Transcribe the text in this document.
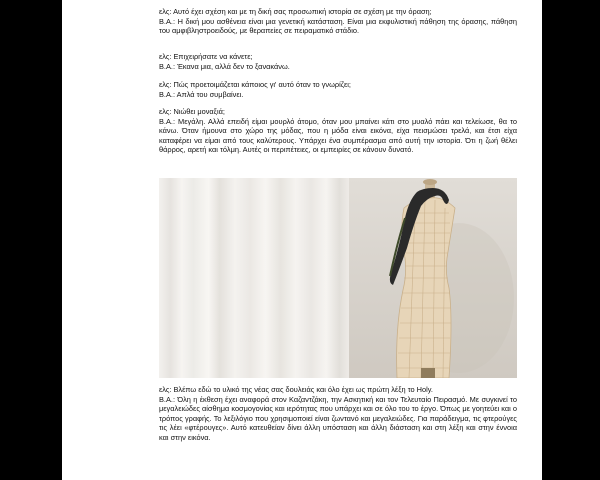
ελς: Αυτό έχει σχέση και με τη δική σας προσωπική ιστορία σε σχέση με την όραση;
Β.Α.: Η δική μου ασθένεια είναι μια γενετική κατάσταση. Είναι μια εκφυλιστική πάθηση της όρασης, πάθηση του αμφιβληστροειδούς, με θεραπείες σε πειραματικό στάδιο.

ελς: Επιχειρήσατε να κάνετε;
Β.Α.: Έκανα μια, αλλά δεν το ξανακάνω.

ελς: Πώς προετοιμάζεται κάποιος γι' αυτό όταν το γνωρίζει;
Β.Α.: Απλά του συμβαίνει.

ελς: Νιώθει μοναξιά;
Β.Α.: Μεγάλη. Αλλά επειδή είμαι μουρλό άτομο, όταν μου μπαίνει κάτι στο μυαλό πάει και τελείωσε, θα το κάνω. Όταν ήμουνα στο χώρο της μόδας, που η μόδα είναι εικόνα, είχα πεισμώσει τρελά, και έτσι είχα καταφέρει να είμαι από τους καλύτερους. Υπάρχει ένα συμπέρασμα από αυτή την ιστορία. Ότι η ζωή θέλει θάρρος, αρετή και τόλμη. Αυτές οι περιπέτειες, οι εμπειρίες σε κάνουν δυνατό.

ελς: Βλέπω εδώ το υλικό της νέας σας δουλειάς και όλο έχει ως πρώτη λέξη το Holy.
Β.Α.: Όλη η έκθεση έχει αναφορά στον Καζαντζάκη, την Ασκητική και τον Τελευταίο Πειρασμό. Με συγκινεί το μεγαλειώδες αίσθημα κοσμογονίας και ιερότητας που υπάρχει και σε όλο του το έργο. Όπως με γοητεύει και ο τρόπος γραφής. Το λεξιλόγιο που χρησιμοποιεί είναι ζωντανό και μεγαλειώδες. Για παράδειγμα, τις φτερούγες τις λέει «φτέρουγες». Αυτό κατευθείαν δίνει άλλη υπόσταση και άλλη διάσταση και στη λέξη και στην έννοια και στην εικόνα.
